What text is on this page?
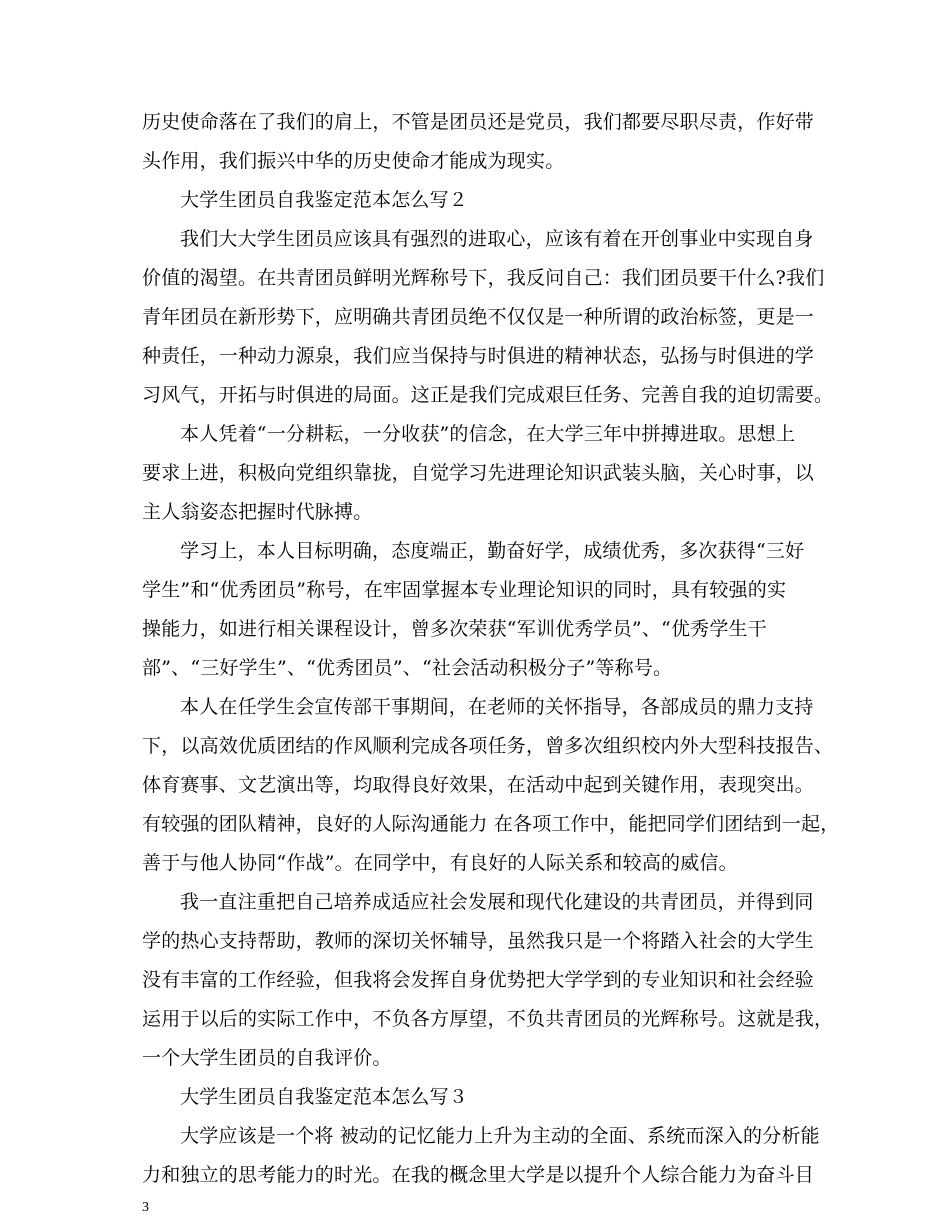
历史使命落在了我们的肩上，不管是团员还是党员，我们都要尽职尽责，作好带
头作用，我们振兴中华的历史使命才能成为现实。
大学生团员自我鉴定范本怎么写２
我们大大学生团员应该具有强烈的进取心，应该有着在开创事业中实现自身
价值的渴望。在共青团员鲜明光辉称号下，我反问自己：我们团员要干什么?我们
青年团员在新形势下，应明确共青团员绝不仅仅是一种所谓的政治标签，更是一
种责任，一种动力源泉，我们应当保持与时俱进的精神状态，弘扬与时俱进的学
习风气，开拓与时俱进的局面。这正是我们完成艰巨任务、完善自我的迫切需要。
本人凭着“一分耕耘，一分收获”的信念，在大学三年中拼搏进取。思想上
要求上进，积极向党组织靠拢，自觉学习先进理论知识武装头脑，关心时事，以
主人翁姿态把握时代脉搏。
学习上，本人目标明确，态度端正，勤奋好学，成绩优秀，多次获得“三好
学生”和“优秀团员”称号，在牢固掌握本专业理论知识的同时，具有较强的实
操能力，如进行相关课程设计，曾多次荣获“军训优秀学员”、“优秀学生干
部”、“三好学生”、“优秀团员”、“社会活动积极分子”等称号。
本人在任学生会宣传部干事期间，在老师的关怀指导，各部成员的鼎力支持
下，以高效优质团结的作风顺利完成各项任务，曾多次组织校内外大型科技报告、
体育赛事、文艺演出等，均取得良好效果，在活动中起到关键作用，表现突出。
有较强的团队精神，良好的人际沟通能力 在各项工作中，能把同学们团结到一起，
善于与他人协同“作战”。在同学中，有良好的人际关系和较高的威信。
我一直注重把自己培养成适应社会发展和现代化建设的共青团员，并得到同
学的热心支持帮助，教师的深切关怀辅导，虽然我只是一个将踏入社会的大学生
没有丰富的工作经验，但我将会发挥自身优势把大学学到的专业知识和社会经验
运用于以后的实际工作中，不负各方厚望，不负共青团员的光辉称号。这就是我，
一个大学生团员的自我评价。
大学生团员自我鉴定范本怎么写３
大学应该是一个将 被动的记忆能力上升为主动的全面、系统而深入的分析能
力和独立的思考能力的时光。在我的概念里大学是以提升个人综合能力为奋斗目
3
